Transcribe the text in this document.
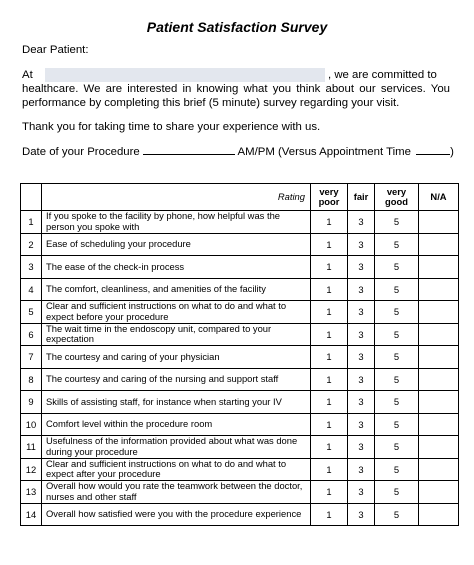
Patient Satisfaction Survey
Dear Patient:
At	, we are committed to
healthcare. We are interested in knowing what you think about our services. You
performance by completing this brief (5 minute) survey regarding your visit.
Thank you for taking time to share your experience with us.
Date of your Procedure	AM/PM (Versus Appointment Time	)
	Rating	very poor	fair	very good	N/A
1	If you spoke to the facility by phone, how helpful was the person you spoke with	1	3	5	
2	Ease of scheduling your procedure	1	3	5	
3	The ease of the check-in process	1	3	5	
4	The comfort, cleanliness, and amenities of the facility	1	3	5	
5	Clear and sufficient instructions on what to do and what to expect before your procedure	1	3	5	
6	The wait time in the endoscopy unit, compared to your expectation	1	3	5	
7	The courtesy and caring of your physician	1	3	5	
8	The courtesy and caring of the nursing and support staff	1	3	5	
9	Skills of assisting staff, for instance when starting your IV	1	3	5	
10	Comfort level within the procedure room	1	3	5	
11	Usefulness of the information provided about what was done during your procedure	1	3	5	
12	Clear and sufficient instructions on what to do and what to expect after your procedure	1	3	5	
13	Overall how would you rate the teamwork between the doctor, nurses and other staff	1	3	5	
14	Overall how satisfied were you with the procedure experience	1	3	5	
